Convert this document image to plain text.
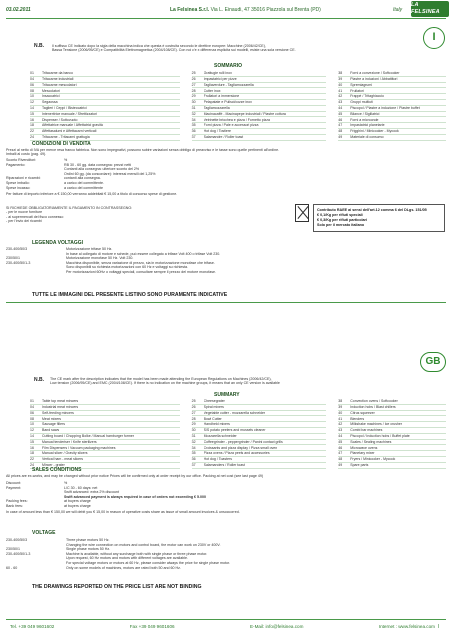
03.02.2011	La Felsinea S.r.l. Via L. Einaudi, 47 35016 Piazzola sul Brenta (PD)	Italy
LA FELSINEA
I
N.B. Il suffisso CE indicato dopo la sigla della macchina indica che questa è costruita secondo le direttive europee: Macchine (2006/42/CE),
Bassa Tensione (2006/95/CE) e Compatibilità Elettromagnetica (2004/108/CE). Con noi c'e x differenza esplicita sui modelli, esiste una sola versione CE.
SOMMARIO
01	Tritacarne da banco
04	Tritacarne industriali
06	Tritacarne mescolatori
08	Mescolatori
10	Insaccatrici
12	Segaossa
14	Taglieri / Ceppi / Bisteccatrici
15	Inteneritrice manuale / Sfrettizzatori
16	Dispenser / Sottovuoto
18	Affettatrice manuale / Affettatrici gravità
22	Affettasalumi e Affettacarni verticali
24	Tritacarne - Tritacarni grattugia
25	Grattugie rulli inox
26	Impastatrici per pizze
27	Tagliaverdure - Tagliamozzarella
28	Cutter inox
29	Frullatori a immersione
30	Pelapatate e Pulisci/cozze inox
31	Tagliamozzarella
32	Macinacaffè - Macinapepe industriali / Piastre cottura
34	Vetrinette briochea e pizza / Fornetto pizza
35	Forni pizza / Pale e accessori pizza
36	Hot dog / Tostiere
37	Salamandre / Roller toast
38	Forni a convezione / Softcooker
39	Piastre a induzioni / Abbattitori
40	Spremiagrumi
41	Frullatori
42	Frappé / Tritaghiaccio
43	Gruppi multiuti
44	Piscopol / Piastre a induzione / Piastre buffet
45	Bilance / Sigillatrici
46	Forni a microonde
47	Impastatrici planetarie
48	Frigghini / Minicooker - Mycook
49	Materiale di consumo
CONDIZIONI DI VENDITA
Prezzi al netto di IVA per merce resa franco fabbrica. Non sono impegnativi, possono subire variazioni senza obbligo di preavviso e le tasse sono quelle pertinenti all'ordine.
Imballi al costo (pag. 49).
Sconto Rivenditori:	%
Pagamento:	RB 30 - 60 gg. data consegna: prezzi netti
Contanti alla consegna: ulteriore sconto del 2%
Ordini 60 gg. (da concordare): interessi mensili del 1,25%
Riparazioni e ricambi:	contanti alla consegna.
Spese imballo:	a carico del committente.
Spese incasso:	a carico del committente
Per fatture di importo inferiore a € 150,00 verranno addebitati € 15,00 a titolo di concorso spese di gestione.
Contributo RAEE ai sensi dell'art.12 comma 6 del DLgs. 151/05
€ 0,1/Kg per rifiuti speciali
€ 0,3/Kg per rifiuti particolari
Solo per il mercato italiano
SI RICHIEDE OBBLIGATORIAMENTE IL PAGAMENTO IN CONTRASSEGNO:
- per le nuove forniture
- ai supermercati del fisco connesso
- per l'invio dei ricambi
LEGENDA VOLTAGGI
230-400/50/3	Motorizzazione trifase 50 Hz.
In base al collegato di motore e schede, può essere collegato a trifase Volt 400 o trifase Volt 230.
230/50/1	Motorizzazione monofase 50 Hz. Volt 230.
230-400/50/1-3	Macchina disponibile, senza variazione di prezzo, sia in motorizzazione monofase che trifase.
Sono disponibili su richiesta motorizzazioni con 60 Hz e voltaggi su richiesta.
Per motorizzazioni 60Hz o voltaggi speciali, consultare sempre il prezzo del motore monofase.
TUTTE LE IMMAGINI DEL PRESENTE LISTINO SONO PURAMENTE INDICATIVE
GB
N.B. The CE mark after the description indicates that the model has been made attending the European Regulations on Machines (2006/42/CE),
Low tension (2006/95/CE) and EMC (2004/108/CE). If there is no indication on the machine groups, it means that an only CE version is available
SUMMARY
01	Table top meat mincers
04	Industrial meat mincers
06	Self-feeding mincers
08	Meat mixers
10	Sausage fillers
12	Band saws
14	Cutting board / Chopping Bolke / Manual hamburger former
15	Manual tenderiser / Knife sterilizers
16	Film Dispensers / Vacuum packaging machines
18	Manual slicer / Gravity slicers
22	Vertical ham - meat slicers
24	Mincer - grater
25	Cheesegrater
26	Spiral mixers
27	Vegetable cutter - mozzarella schneider
28	Bowl Cutter
29	Handheld mixers
30	S/S potato peelers and mussels cleaner
31	Mozzarella schneider
32	Coffeegrinder - peppergrinder / Panini contact grills
34	Croissants and pizza display / Pizza small oven
35	Pizza ovens / Pizza peels and accessories
36	Hot dog / Toasters
37	Salamanders / Roller toast
38	Convection ovens / Softcooker
39	Induction hobs / Blast chillers
40	Citrus squeezer
41	Blenders
42	Milkshake machines / Ice crusher
43	Combi bar machines
44	Piscopol / Induction hobs / Buffet plate
45	Scales / Sealing machines
46	Microwave ovens
47	Planetary mixer
48	Fryers / Minicooker - Mycook
49	Spare parts
SALES CONDITIONS
All prices are ex-works, and may be changed without prior notice Prices will be confirmed only at order receipt by our office. Packing at net cost (see last page 49)
Discount:	%
Payment:	L/C 30 - 60 days: net
Swift advanced: extra 2% discount
Swift advanced payment is always required in case of orders not exceeding € 5.000
Packing fees:	at buyers charge
Bank fees:	at buyers charge
In case of amount less than € 150,00 we will debit you € 15,00 in reason of operative costs share as issue of small amount invoices & unsoccorred.
VOLTAGE
230-400/50/3	Three phase motors 50 Hz.
Changing the wire connection on motors and control board, the motor can work on 230V or 400V.
230/50/1	Single phase motors 50 Hz.
230-400/50/1-3	Machine is available, without any surcharge both with single phase or three phase motor.
Upon request, 60 Hz motors and motors with different voltages are available.
For special voltage motors or motors at 60 Hz, please consider always the price for single phase motor.
60 - 60	Only on some models of machines, motors are rated both 50 and 60 Hz.
THE DRAWINGS REPORTED ON THE PRICE LIST ARE NOT BINDING
Tel. +39 049 9601602	Fax +39 049 9601606	E-Mail: info@felsinea.com	Internet : www.felsinea.com I
